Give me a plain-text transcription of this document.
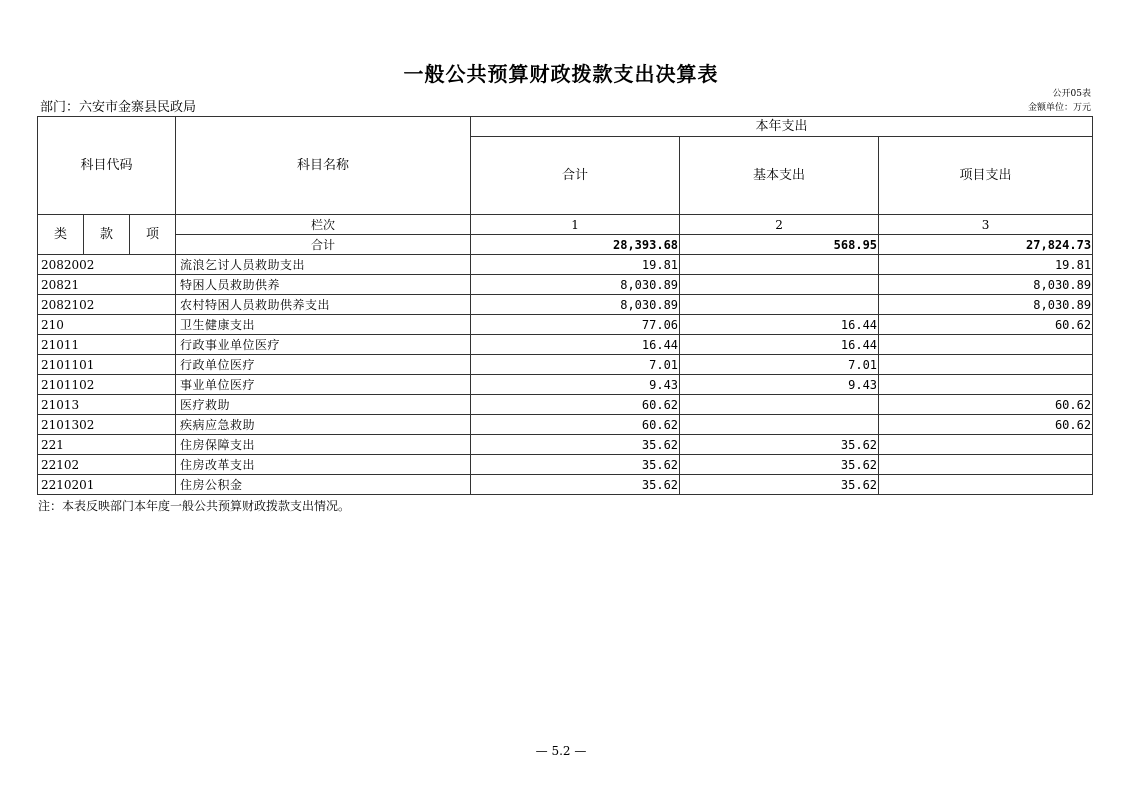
一般公共预算财政拨款支出决算表
部门：六安市金寨县民政局
公开05表
金额单位：万元
科目代码			科目名称	本年支出		
				合计	基本支出	项目支出
类	款	项	栏次	1	2	3
			合计	28,393.68	568.95	27,824.73
2082002			流浪乞讨人员救助支出	19.81		19.81
20821			特困人员救助供养	8,030.89		8,030.89
2082102			农村特困人员救助供养支出	8,030.89		8,030.89
210			卫生健康支出	77.06	16.44	60.62
21011			行政事业单位医疗	16.44	16.44	
2101101			行政单位医疗	7.01	7.01	
2101102			事业单位医疗	9.43	9.43	
21013			医疗救助	60.62		60.62
2101302			疾病应急救助	60.62		60.62
221			住房保障支出	35.62	35.62	
22102			住房改革支出	35.62	35.62	
2210201			住房公积金	35.62	35.62	
注：本表反映部门本年度一般公共预算财政拨款支出情况。
— 5.2 —
